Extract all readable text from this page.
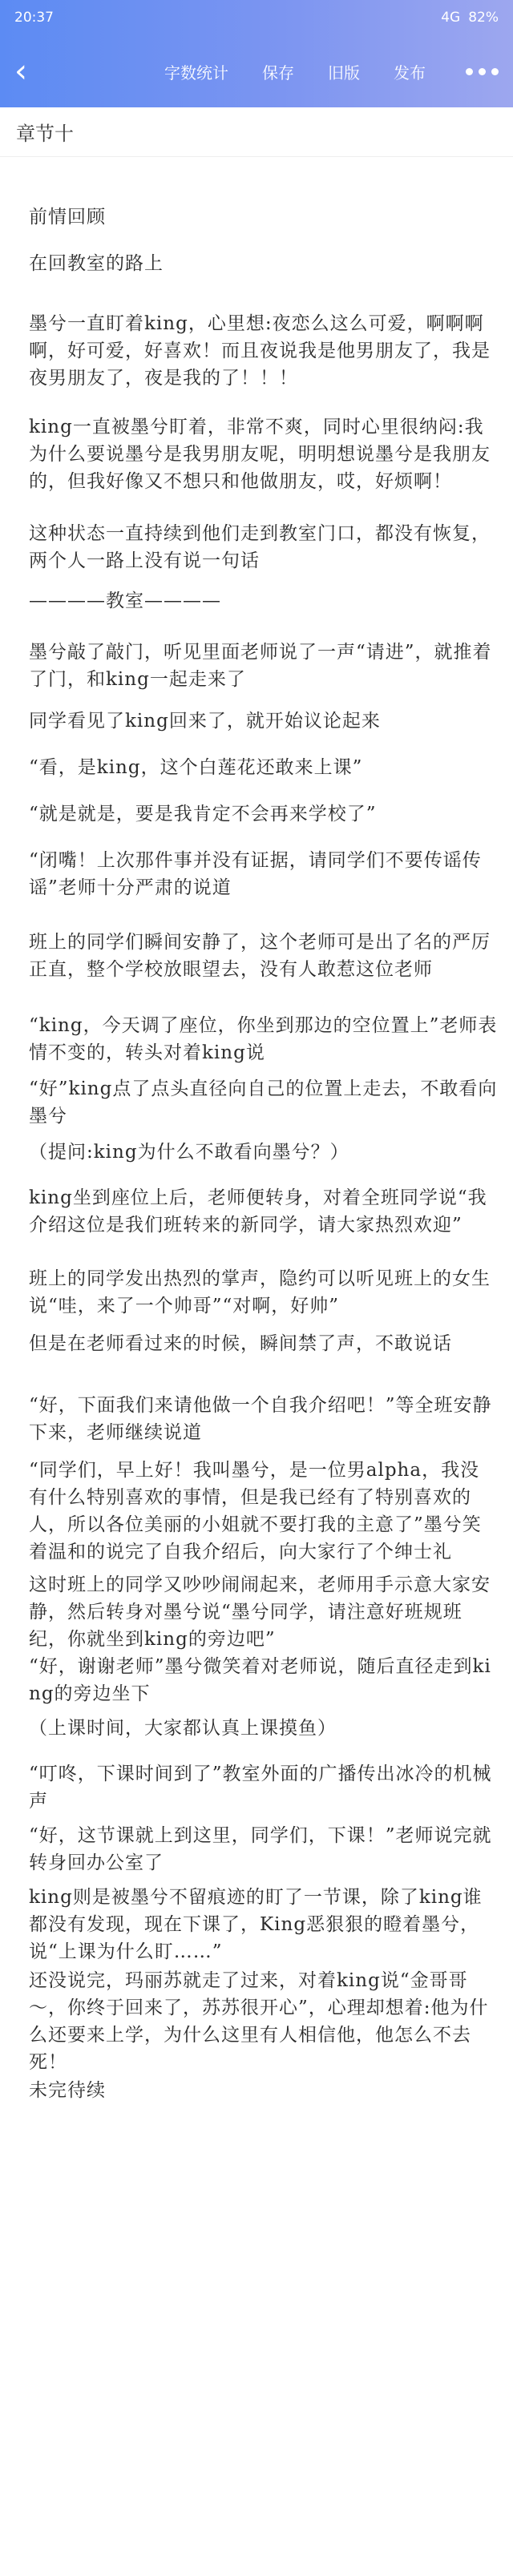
20:37	4G 82%
‹	字数统计 保存 旧版 发布
章节十
前情回顾
在回教室的路上
墨兮一直盯着king，心里想:夜恋么这么可爱，啊啊啊啊，好可爱，好喜欢！而且夜说我是他男朋友了，我是夜男朋友了，夜是我的了！！！
king一直被墨兮盯着，非常不爽，同时心里很纳闷:我为什么要说墨兮是我男朋友呢，明明想说墨兮是我朋友的，但我好像又不想只和他做朋友，哎，好烦啊！
这种状态一直持续到他们走到教室门口，都没有恢复，两个人一路上没有说一句话
————教室————
墨兮敲了敲门，听见里面老师说了一声“请进”，就推着了门，和king一起走来了
同学看见了king回来了，就开始议论起来
“看，是king，这个白莲花还敢来上课”
“就是就是，要是我肯定不会再来学校了”
“闭嘴！上次那件事并没有证据，请同学们不要传谣传谣”老师十分严肃的说道
班上的同学们瞬间安静了，这个老师可是出了名的严厉正直，整个学校放眼望去，没有人敢惹这位老师
“king，今天调了座位，你坐到那边的空位置上”老师表情不变的，转头对着king说
“好”king点了点头直径向自己的位置上走去，不敢看向墨兮
（提问:king为什么不敢看向墨兮？）
king坐到座位上后，老师便转身，对着全班同学说“我介绍这位是我们班转来的新同学，请大家热烈欢迎”
班上的同学发出热烈的掌声，隐约可以听见班上的女生说“哇，来了一个帅哥”“对啊，好帅”
但是在老师看过来的时候，瞬间禁了声，不敢说话
“好，下面我们来请他做一个自我介绍吧！”等全班安静下来，老师继续说道
“同学们，早上好！我叫墨兮，是一位男alpha，我没有什么特别喜欢的事情，但是我已经有了特别喜欢的人，所以各位美丽的小姐就不要打我的主意了”墨兮笑着温和的说完了自我介绍后，向大家行了个绅士礼
这时班上的同学又吵吵闹闹起来，老师用手示意大家安静，然后转身对墨兮说“墨兮同学，请注意好班规班纪，你就坐到king的旁边吧”
“好，谢谢老师”墨兮微笑着对老师说，随后直径走到king的旁边坐下
（上课时间，大家都认真上课摸鱼）
“叮咚，下课时间到了”教室外面的广播传出冰冷的机械声
“好，这节课就上到这里，同学们，下课！”老师说完就转身回办公室了
king则是被墨兮不留痕迹的盯了一节课，除了king谁都没有发现，现在下课了，King恶狠狠的瞪着墨兮，说“上课为什么盯……”
还没说完，玛丽苏就走了过来，对着king说“金哥哥～，你终于回来了，苏苏很开心”，心理却想着:他为什么还要来上学，为什么这里有人相信他，他怎么不去死！
未完待续
